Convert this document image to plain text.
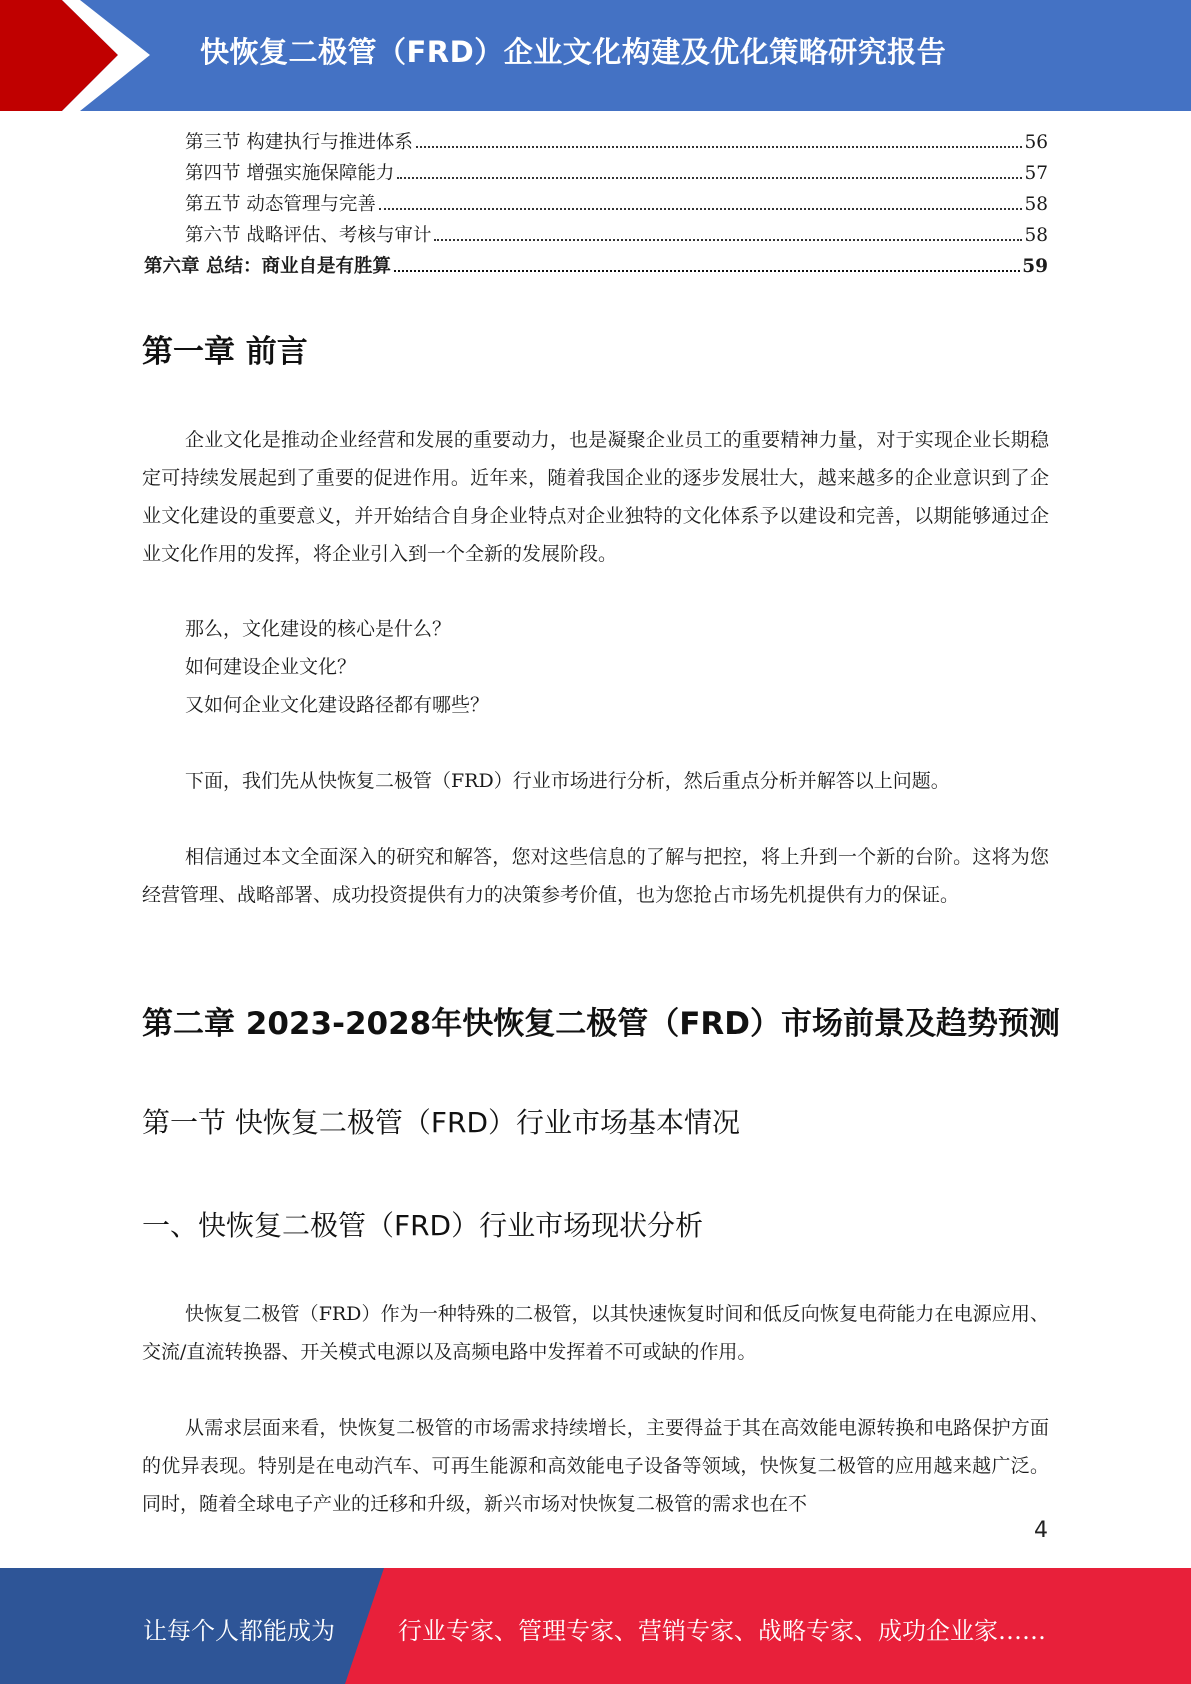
快恢复二极管（FRD）企业文化构建及优化策略研究报告
第三节 构建执行与推进体系	56
第四节 增强实施保障能力	57
第五节 动态管理与完善	58
第六节 战略评估、考核与审计	58
第六章 总结：商业自是有胜算	59
第一章 前言
企业文化是推动企业经营和发展的重要动力，也是凝聚企业员工的重要精神力量，对于实现企业长期稳定可持续发展起到了重要的促进作用。近年来，随着我国企业的逐步发展壮大，越来越多的企业意识到了企业文化建设的重要意义，并开始结合自身企业特点对企业独特的文化体系予以建设和完善，以期能够通过企业文化作用的发挥，将企业引入到一个全新的发展阶段。
那么，文化建设的核心是什么？
如何建设企业文化？
又如何企业文化建设路径都有哪些？
下面，我们先从快恢复二极管（FRD）行业市场进行分析，然后重点分析并解答以上问题。
相信通过本文全面深入的研究和解答，您对这些信息的了解与把控，将上升到一个新的台阶。这将为您经营管理、战略部署、成功投资提供有力的决策参考价值，也为您抢占市场先机提供有力的保证。
第二章 2023-2028年快恢复二极管（FRD）市场前景及趋势预测
第一节 快恢复二极管（FRD）行业市场基本情况
一、快恢复二极管（FRD）行业市场现状分析
快恢复二极管（FRD）作为一种特殊的二极管，以其快速恢复时间和低反向恢复电荷能力在电源应用、交流/直流转换器、开关模式电源以及高频电路中发挥着不可或缺的作用。
从需求层面来看，快恢复二极管的市场需求持续增长，主要得益于其在高效能电源转换和电路保护方面的优异表现。特别是在电动汽车、可再生能源和高效能电子设备等领域，快恢复二极管的应用越来越广泛。同时，随着全球电子产业的迁移和升级，新兴市场对快恢复二极管的需求也在不
4
让每个人都能成为	行业专家、管理专家、营销专家、战略专家、成功企业家……
